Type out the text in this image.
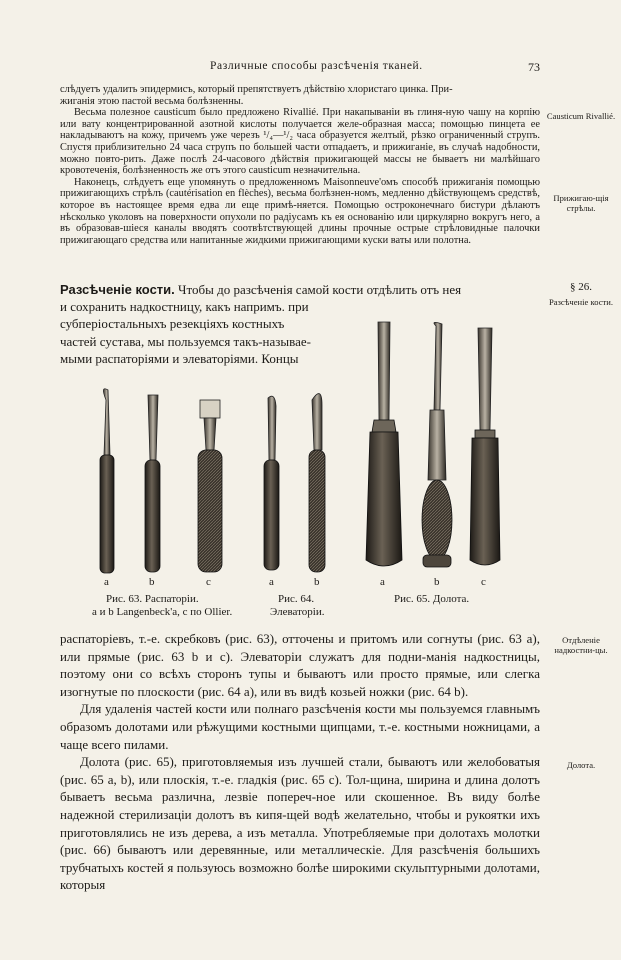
Различные способы разсѣченія тканей.	73

слѣдуетъ удалить эпидермисъ, который препятствуетъ дѣйствію хлористаго цинка. При-

жиганія этою пастой весьма болѣзненны.

Весьма полезное causticum было предложено Rivallié. При накапываніи въ глиня-ную чашу на корпію или вату концентрированной азотной кислоты получается желе-образная масса; помощью пинцета ее накладываютъ на кожу, причемъ уже черезъ ¹/₄—¹/₂ часа образуется желтый, рѣзко ограниченный струпъ. Спустя приблизительно 24 часа струпъ по большей части отпадаетъ, и прижиганіе, въ случаѣ надобности, можно повто-рить. Даже послѣ 24-часового дѣйствія прижигающей массы не бываетъ ни малѣйшаго кровотеченія, болѣзненность же отъ этого causticum незначительна.

Наконецъ, слѣдуетъ еще упомянуть о предложенномъ Maisonneuve'омъ способѣ прижиганія помощью прижигающихъ стрѣлъ (cautérisation en flèches), весьма болѣзнен-номъ, медленно дѣйствующемъ средствѣ, которое въ настоящее время едва ли еще примѣ-няется. Помощью остроконечнаго бистури дѣлаютъ нѣсколько уколовъ на поверхности опухоли по радіусамъ къ ея основанію или циркулярно вокругъ него, а въ образовав-шіеся каналы вводятъ соотвѣтствующей длины прочные острые стрѣловидные палочки прижигающаго средства или напитанные жидкими прижигающими куски ваты или полотна.

Causticum Rivallié.
Прижигаю-щія стрѣлы.
§ 26.
Разсѣченіе кости.
Отдѣленіе надкостни-цы.
Долота.
Разсѣченіе кости. Чтобы до разсѣченія самой кости отдѣлить отъ нея
и сохранить надкостницу, какъ напримъ. при
субперіостальныхъ резекціяхъ костныхъ
частей сустава, мы пользуемся такъ-называе-
мыми распаторіями и элеваторіями. Концы
a	b	c	a	b	a	b	c
Рис. 63. Распаторіи.
a и b Langenbeck'а, c по Ollier.
Рис. 64.
Элеваторіи.
Рис. 65. Долота.

распаторіевъ, т.-е. скребковъ (рис. 63), отточены и притомъ или согнуты (рис. 63 a), или прямые (рис. 63 b и c). Элеваторіи служатъ для подни-манія надкостницы, поэтому они со всѣхъ сторонъ тупы и бываютъ или просто прямые, или слегка изогнутые по плоскости (рис. 64 a), или въ видѣ козьей ножки (рис. 64 b).

Для удаленія частей кости или полнаго разсѣченія кости мы пользуемся главнымъ образомъ долотами или рѣжущими костными щипцами, т.-е. костными ножницами, а чаще всего пилами.

Долота (рис. 65), приготовляемыя изъ лучшей стали, бываютъ или желобоватыя (рис. 65 a, b), или плоскія, т.-е. гладкія (рис. 65 c). Тол-щина, ширина и длина долотъ бываетъ весьма различна, лезвіе попереч-ное или скошенное. Въ виду болѣе надежной стерилизаціи долотъ въ кипя-щей водѣ желательно, чтобы и рукоятки ихъ приготовлялись не изъ дерева, а изъ металла. Употребляемые при долотахъ молотки (рис. 66) бываютъ или деревянные, или металлическіе. Для разсѣченія большихъ трубчатыхъ костей я пользуюсь возможно болѣе широкими скульптурными долотами, которыя
